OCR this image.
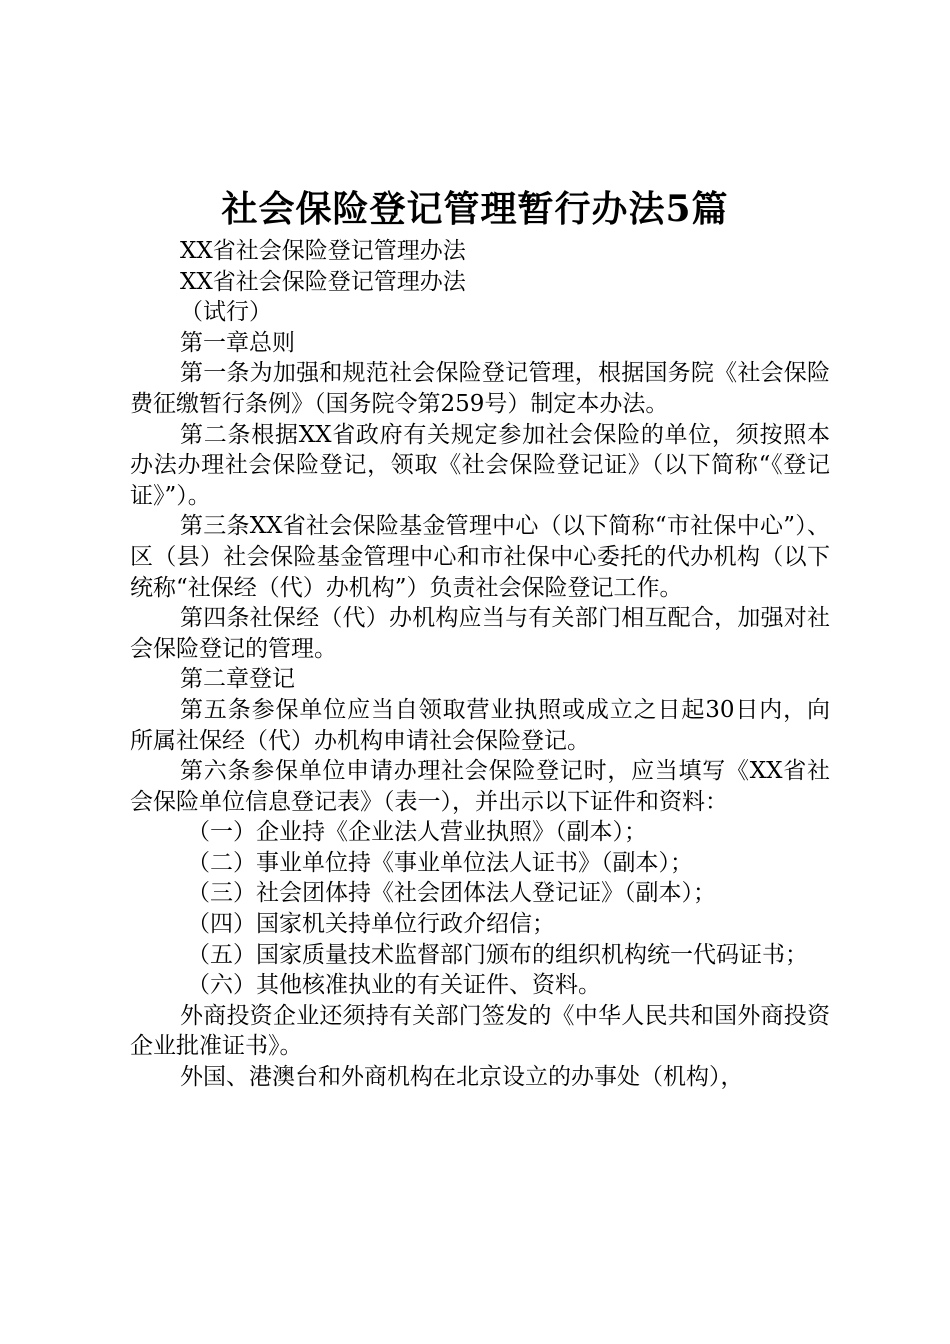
社会保险登记管理暂行办法5篇

XX省社会保险登记管理办法

XX省社会保险登记管理办法

（试行）

第一章总则

第一条为加强和规范社会保险登记管理，根据国务院《社会保险费征缴暂行条例》（国务院令第259号）制定本办法。

第二条根据XX省政府有关规定参加社会保险的单位，须按照本办法办理社会保险登记，领取《社会保险登记证》（以下简称“《登记证》”）。

第三条XX省社会保险基金管理中心（以下简称“市社保中心”）、区（县）社会保险基金管理中心和市社保中心委托的代办机构（以下统称“社保经（代）办机构”）负责社会保险登记工作。

第四条社保经（代）办机构应当与有关部门相互配合，加强对社会保险登记的管理。

第二章登记

第五条参保单位应当自领取营业执照或成立之日起30日内，向所属社保经（代）办机构申请社会保险登记。

第六条参保单位申请办理社会保险登记时，应当填写《XX省社会保险单位信息登记表》（表一），并出示以下证件和资料：

（一）企业持《企业法人营业执照》（副本）；

（二）事业单位持《事业单位法人证书》（副本）；

（三）社会团体持《社会团体法人登记证》（副本）；

（四）国家机关持单位行政介绍信；

（五）国家质量技术监督部门颁布的组织机构统一代码证书；

（六）其他核准执业的有关证件、资料。

外商投资企业还须持有关部门签发的《中华人民共和国外商投资企业批准证书》。

外国、港澳台和外商机构在北京设立的办事处（机构），
